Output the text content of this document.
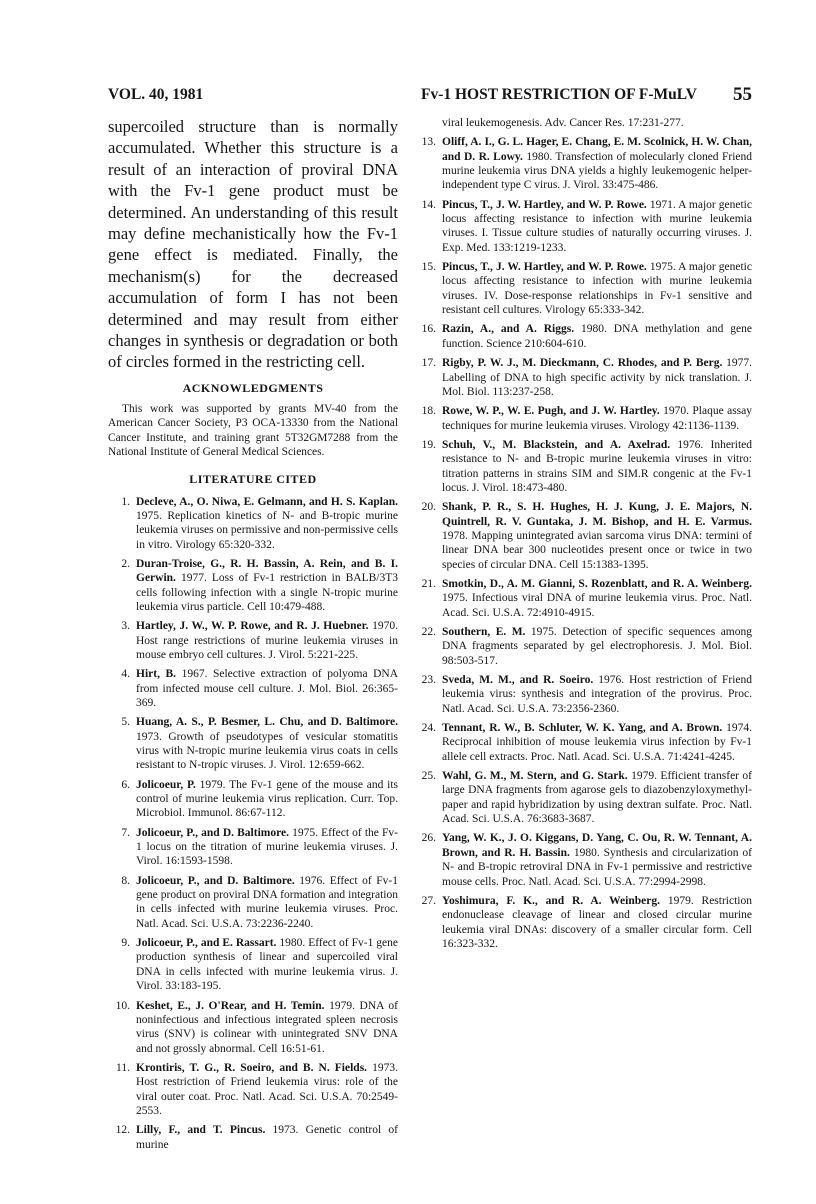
VOL. 40, 1981	Fv-1 HOST RESTRICTION OF F-MuLV 55

supercoiled structure than is normally accumulated. Whether this structure is a result of an interaction of proviral DNA with the Fv-1 gene product must be determined. An understanding of this result may define mechanistically how the Fv-1 gene effect is mediated. Finally, the mechanism(s) for the decreased accumulation of form I has not been determined and may result from either changes in synthesis or degradation or both of circles formed in the restricting cell.

ACKNOWLEDGMENTS

This work was supported by grants MV-40 from the American Cancer Society, P3 OCA-13330 from the National Cancer Institute, and training grant 5T32GM7288 from the National Institute of General Medical Sciences.

LITERATURE CITED
1. Decleve, A., O. Niwa, E. Gelmann, and H. S. Kaplan. 1975. Replication kinetics of N- and B-tropic murine leukemia viruses on permissive and non-permissive cells in vitro. Virology 65:320-332.
2. Duran-Troise, G., R. H. Bassin, A. Rein, and B. I. Gerwin. 1977. Loss of Fv-1 restriction in BALB/3T3 cells following infection with a single N-tropic murine leukemia virus particle. Cell 10:479-488.
3. Hartley, J. W., W. P. Rowe, and R. J. Huebner. 1970. Host range restrictions of murine leukemia viruses in mouse embryo cell cultures. J. Virol. 5:221-225.
4. Hirt, B. 1967. Selective extraction of polyoma DNA from infected mouse cell culture. J. Mol. Biol. 26:365-369.
5. Huang, A. S., P. Besmer, L. Chu, and D. Baltimore. 1973. Growth of pseudotypes of vesicular stomatitis virus with N-tropic murine leukemia virus coats in cells resistant to N-tropic viruses. J. Virol. 12:659-662.
6. Jolicoeur, P. 1979. The Fv-1 gene of the mouse and its control of murine leukemia virus replication. Curr. Top. Microbiol. Immunol. 86:67-112.
7. Jolicoeur, P., and D. Baltimore. 1975. Effect of the Fv-1 locus on the titration of murine leukemia viruses. J. Virol. 16:1593-1598.
8. Jolicoeur, P., and D. Baltimore. 1976. Effect of Fv-1 gene product on proviral DNA formation and integration in cells infected with murine leukemia viruses. Proc. Natl. Acad. Sci. U.S.A. 73:2236-2240.
9. Jolicoeur, P., and E. Rassart. 1980. Effect of Fv-1 gene production synthesis of linear and supercoiled viral DNA in cells infected with murine leukemia virus. J. Virol. 33:183-195.
10. Keshet, E., J. O'Rear, and H. Temin. 1979. DNA of noninfectious and infectious integrated spleen necrosis virus (SNV) is colinear with unintegrated SNV DNA and not grossly abnormal. Cell 16:51-61.
11. Krontiris, T. G., R. Soeiro, and B. N. Fields. 1973. Host restriction of Friend leukemia virus: role of the viral outer coat. Proc. Natl. Acad. Sci. U.S.A. 70:2549-2553.
12. Lilly, F., and T. Pincus. 1973. Genetic control of murine
viral leukemogenesis. Adv. Cancer Res. 17:231-277.
13. Oliff, A. I., G. L. Hager, E. Chang, E. M. Scolnick, H. W. Chan, and D. R. Lowy. 1980. Transfection of molecularly cloned Friend murine leukemia virus DNA yields a highly leukemogenic helper-independent type C virus. J. Virol. 33:475-486.
14. Pincus, T., J. W. Hartley, and W. P. Rowe. 1971. A major genetic locus affecting resistance to infection with murine leukemia viruses. I. Tissue culture studies of naturally occurring viruses. J. Exp. Med. 133:1219-1233.
15. Pincus, T., J. W. Hartley, and W. P. Rowe. 1975. A major genetic locus affecting resistance to infection with murine leukemia viruses. IV. Dose-response relationships in Fv-1 sensitive and resistant cell cultures. Virology 65:333-342.
16. Razin, A., and A. Riggs. 1980. DNA methylation and gene function. Science 210:604-610.
17. Rigby, P. W. J., M. Dieckmann, C. Rhodes, and P. Berg. 1977. Labelling of DNA to high specific activity by nick translation. J. Mol. Biol. 113:237-258.
18. Rowe, W. P., W. E. Pugh, and J. W. Hartley. 1970. Plaque assay techniques for murine leukemia viruses. Virology 42:1136-1139.
19. Schuh, V., M. Blackstein, and A. Axelrad. 1976. Inherited resistance to N- and B-tropic murine leukemia viruses in vitro: titration patterns in strains SIM and SIM.R congenic at the Fv-1 locus. J. Virol. 18:473-480.
20. Shank, P. R., S. H. Hughes, H. J. Kung, J. E. Majors, N. Quintrell, R. V. Guntaka, J. M. Bishop, and H. E. Varmus. 1978. Mapping unintegrated avian sarcoma virus DNA: termini of linear DNA bear 300 nucleotides present once or twice in two species of circular DNA. Cell 15:1383-1395.
21. Smotkin, D., A. M. Gianni, S. Rozenblatt, and R. A. Weinberg. 1975. Infectious viral DNA of murine leukemia virus. Proc. Natl. Acad. Sci. U.S.A. 72:4910-4915.
22. Southern, E. M. 1975. Detection of specific sequences among DNA fragments separated by gel electrophoresis. J. Mol. Biol. 98:503-517.
23. Sveda, M. M., and R. Soeiro. 1976. Host restriction of Friend leukemia virus: synthesis and integration of the provirus. Proc. Natl. Acad. Sci. U.S.A. 73:2356-2360.
24. Tennant, R. W., B. Schluter, W. K. Yang, and A. Brown. 1974. Reciprocal inhibition of mouse leukemia virus infection by Fv-1 allele cell extracts. Proc. Natl. Acad. Sci. U.S.A. 71:4241-4245.
25. Wahl, G. M., M. Stern, and G. Stark. 1979. Efficient transfer of large DNA fragments from agarose gels to diazobenzyloxymethyl-paper and rapid hybridization by using dextran sulfate. Proc. Natl. Acad. Sci. U.S.A. 76:3683-3687.
26. Yang, W. K., J. O. Kiggans, D. Yang, C. Ou, R. W. Tennant, A. Brown, and R. H. Bassin. 1980. Synthesis and circularization of N- and B-tropic retroviral DNA in Fv-1 permissive and restrictive mouse cells. Proc. Natl. Acad. Sci. U.S.A. 77:2994-2998.
27. Yoshimura, F. K., and R. A. Weinberg. 1979. Restriction endonuclease cleavage of linear and closed circular murine leukemia viral DNAs: discovery of a smaller circular form. Cell 16:323-332.
